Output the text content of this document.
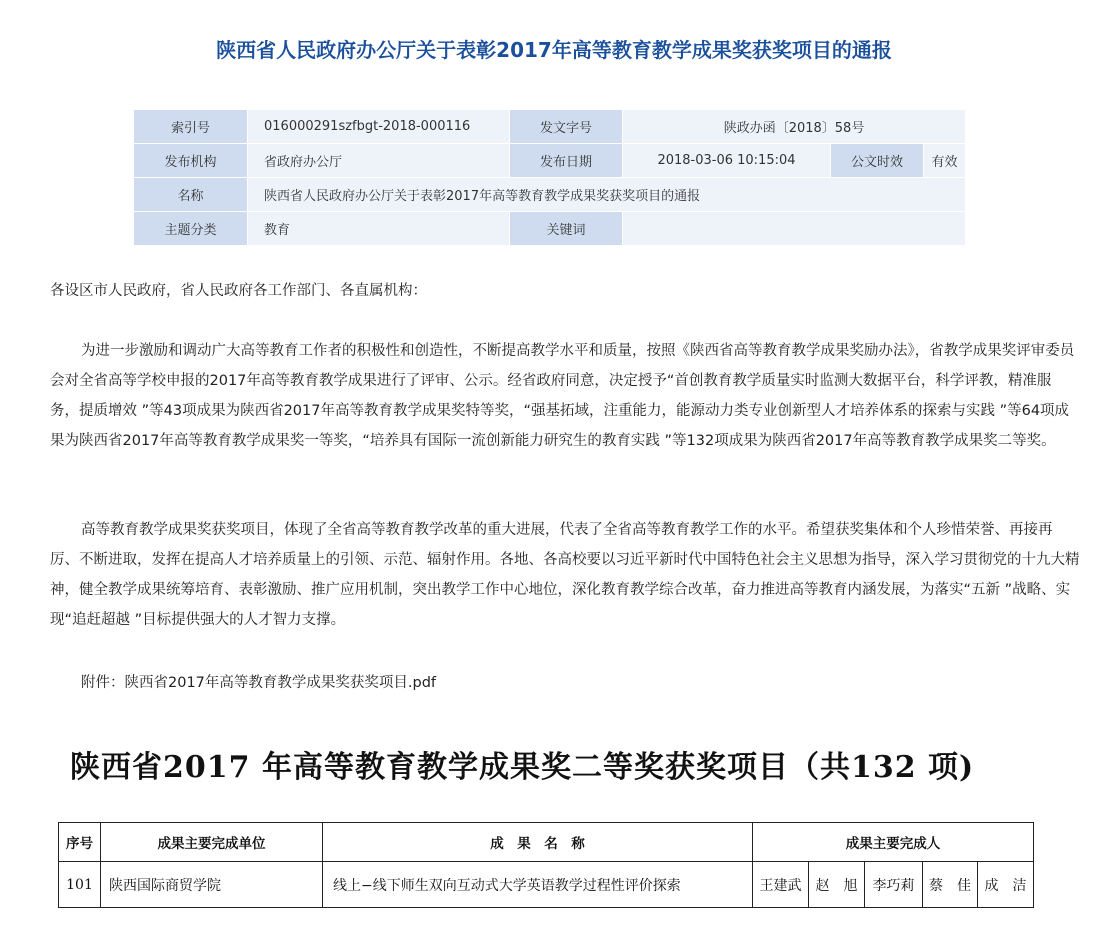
陕西省人民政府办公厅关于表彰2017年高等教育教学成果奖获奖项目的通报
索引号	016000291szfbgt-2018-000116	发文字号	陕政办函〔2018〕58号		
发布机构	省政府办公厅	发布日期	2018-03-06 10:15:04	公文时效	有效
名称	陕西省人民政府办公厅关于表彰2017年高等教育教学成果奖获奖项目的通报				
主题分类	教育	关键词			

各设区市人民政府，省人民政府各工作部门、各直属机构：

为进一步激励和调动广大高等教育工作者的积极性和创造性，不断提高教学水平和质量，按照《陕西省高等教育教学成果奖励办法》，省教学成果奖评审委员会对全省高等学校申报的2017年高等教育教学成果进行了评审、公示。经省政府同意，决定授予“首创教育教学质量实时监测大数据平台，科学评教，精准服务，提质增效 ”等43项成果为陕西省2017年高等教育教学成果奖特等奖，“强基拓域，注重能力，能源动力类专业创新型人才培养体系的探索与实践 ”等64项成果为陕西省2017年高等教育教学成果奖一等奖，“培养具有国际一流创新能力研究生的教育实践 ”等132项成果为陕西省2017年高等教育教学成果奖二等奖。

高等教育教学成果奖获奖项目，体现了全省高等教育教学改革的重大进展，代表了全省高等教育教学工作的水平。希望获奖集体和个人珍惜荣誉、再接再厉、不断进取，发挥在提高人才培养质量上的引领、示范、辐射作用。各地、各高校要以习近平新时代中国特色社会主义思想为指导，深入学习贯彻党的十九大精神，健全教学成果统筹培育、表彰激励、推广应用机制，突出教学工作中心地位，深化教育教学综合改革，奋力推进高等教育内涵发展，为落实“五新 ”战略、实现“追赶超越 ”目标提供强大的人才智力支撑。

附件：陕西省2017年高等教育教学成果奖获奖项目.pdf

陕西省2017 年高等教育教学成果奖二等奖获奖项目（共132 项)
序号	成果主要完成单位	成　果　名　称	成果主要完成人				
101	陕西国际商贸学院	线上−线下师生双向互动式大学英语教学过程性评价探索	王建武	赵　旭	李巧莉	蔡　佳	成　洁
